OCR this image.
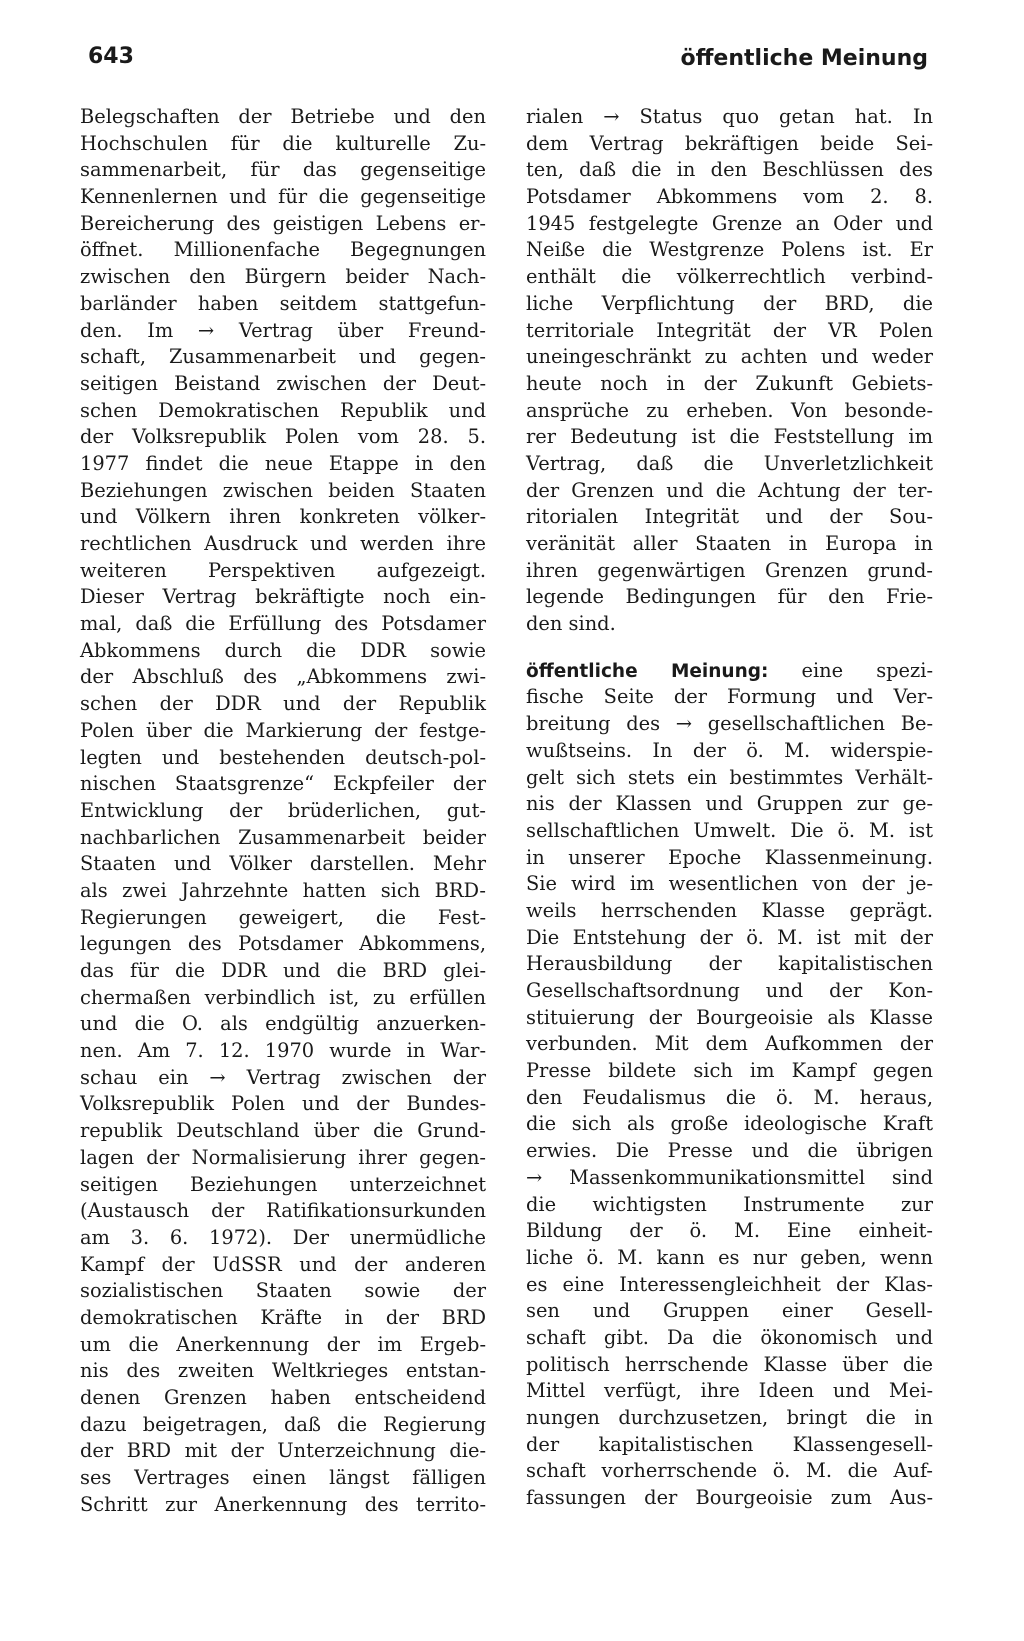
643	öffentliche Meinung
Belegschaften der Betriebe und den
Hochschulen für die kulturelle Zu-
sammenarbeit, für das gegenseitige
Kennenlernen und für die gegenseitige
Bereicherung des geistigen Lebens er-
öffnet. Millionenfache Begegnungen
zwischen den Bürgern beider Nach-
barländer haben seitdem stattgefun-
den. Im → Vertrag über Freund-
schaft, Zusammenarbeit und gegen-
seitigen Beistand zwischen der Deut-
schen Demokratischen Republik und
der Volksrepublik Polen vom 28. 5.
1977 findet die neue Etappe in den
Beziehungen zwischen beiden Staaten
und Völkern ihren konkreten völker-
rechtlichen Ausdruck und werden ihre
weiteren Perspektiven aufgezeigt.
Dieser Vertrag bekräftigte noch ein-
mal, daß die Erfüllung des Potsdamer
Abkommens durch die DDR sowie
der Abschluß des „Abkommens zwi-
schen der DDR und der Republik
Polen über die Markierung der festge-
legten und bestehenden deutsch-pol-
nischen Staatsgrenze“ Eckpfeiler der
Entwicklung der brüderlichen, gut-
nachbarlichen Zusammenarbeit beider
Staaten und Völker darstellen. Mehr
als zwei Jahrzehnte hatten sich BRD-
Regierungen geweigert, die Fest-
legungen des Potsdamer Abkommens,
das für die DDR und die BRD glei-
chermaßen verbindlich ist, zu erfüllen
und die O. als endgültig anzuerken-
nen. Am 7. 12. 1970 wurde in War-
schau ein → Vertrag zwischen der
Volksrepublik Polen und der Bundes-
republik Deutschland über die Grund-
lagen der Normalisierung ihrer gegen-
seitigen Beziehungen unterzeichnet
(Austausch der Ratifikationsurkunden
am 3. 6. 1972). Der unermüdliche
Kampf der UdSSR und der anderen
sozialistischen Staaten sowie der
demokratischen Kräfte in der BRD
um die Anerkennung der im Ergeb-
nis des zweiten Weltkrieges entstan-
denen Grenzen haben entscheidend
dazu beigetragen, daß die Regierung
der BRD mit der Unterzeichnung die-
ses Vertrages einen längst fälligen
Schritt zur Anerkennung des territo-
rialen → Status quo getan hat. In
dem Vertrag bekräftigen beide Sei-
ten, daß die in den Beschlüssen des
Potsdamer Abkommens vom 2. 8.
1945 festgelegte Grenze an Oder und
Neiße die Westgrenze Polens ist. Er
enthält die völkerrechtlich verbind-
liche Verpflichtung der BRD, die
territoriale Integrität der VR Polen
uneingeschränkt zu achten und weder
heute noch in der Zukunft Gebiets-
ansprüche zu erheben. Von besonde-
rer Bedeutung ist die Feststellung im
Vertrag, daß die Unverletzlichkeit
der Grenzen und die Achtung der ter-
ritorialen Integrität und der Sou-
veränität aller Staaten in Europa in
ihren gegenwärtigen Grenzen grund-
legende Bedingungen für den Frie-
den sind.
öffentliche Meinung: eine spezi-
fische Seite der Formung und Ver-
breitung des → gesellschaftlichen Be-
wußtseins. In der ö. M. widerspie-
gelt sich stets ein bestimmtes Verhält-
nis der Klassen und Gruppen zur ge-
sellschaftlichen Umwelt. Die ö. M. ist
in unserer Epoche Klassenmeinung.
Sie wird im wesentlichen von der je-
weils herrschenden Klasse geprägt.
Die Entstehung der ö. M. ist mit der
Herausbildung der kapitalistischen
Gesellschaftsordnung und der Kon-
stituierung der Bourgeoisie als Klasse
verbunden. Mit dem Aufkommen der
Presse bildete sich im Kampf gegen
den Feudalismus die ö. M. heraus,
die sich als große ideologische Kraft
erwies. Die Presse und die übrigen
→ Massenkommunikationsmittel sind
die wichtigsten Instrumente zur
Bildung der ö. M. Eine einheit-
liche ö. M. kann es nur geben, wenn
es eine Interessengleichheit der Klas-
sen und Gruppen einer Gesell-
schaft gibt. Da die ökonomisch und
politisch herrschende Klasse über die
Mittel verfügt, ihre Ideen und Mei-
nungen durchzusetzen, bringt die in
der kapitalistischen Klassengesell-
schaft vorherrschende ö. M. die Auf-
fassungen der Bourgeoisie zum Aus-
